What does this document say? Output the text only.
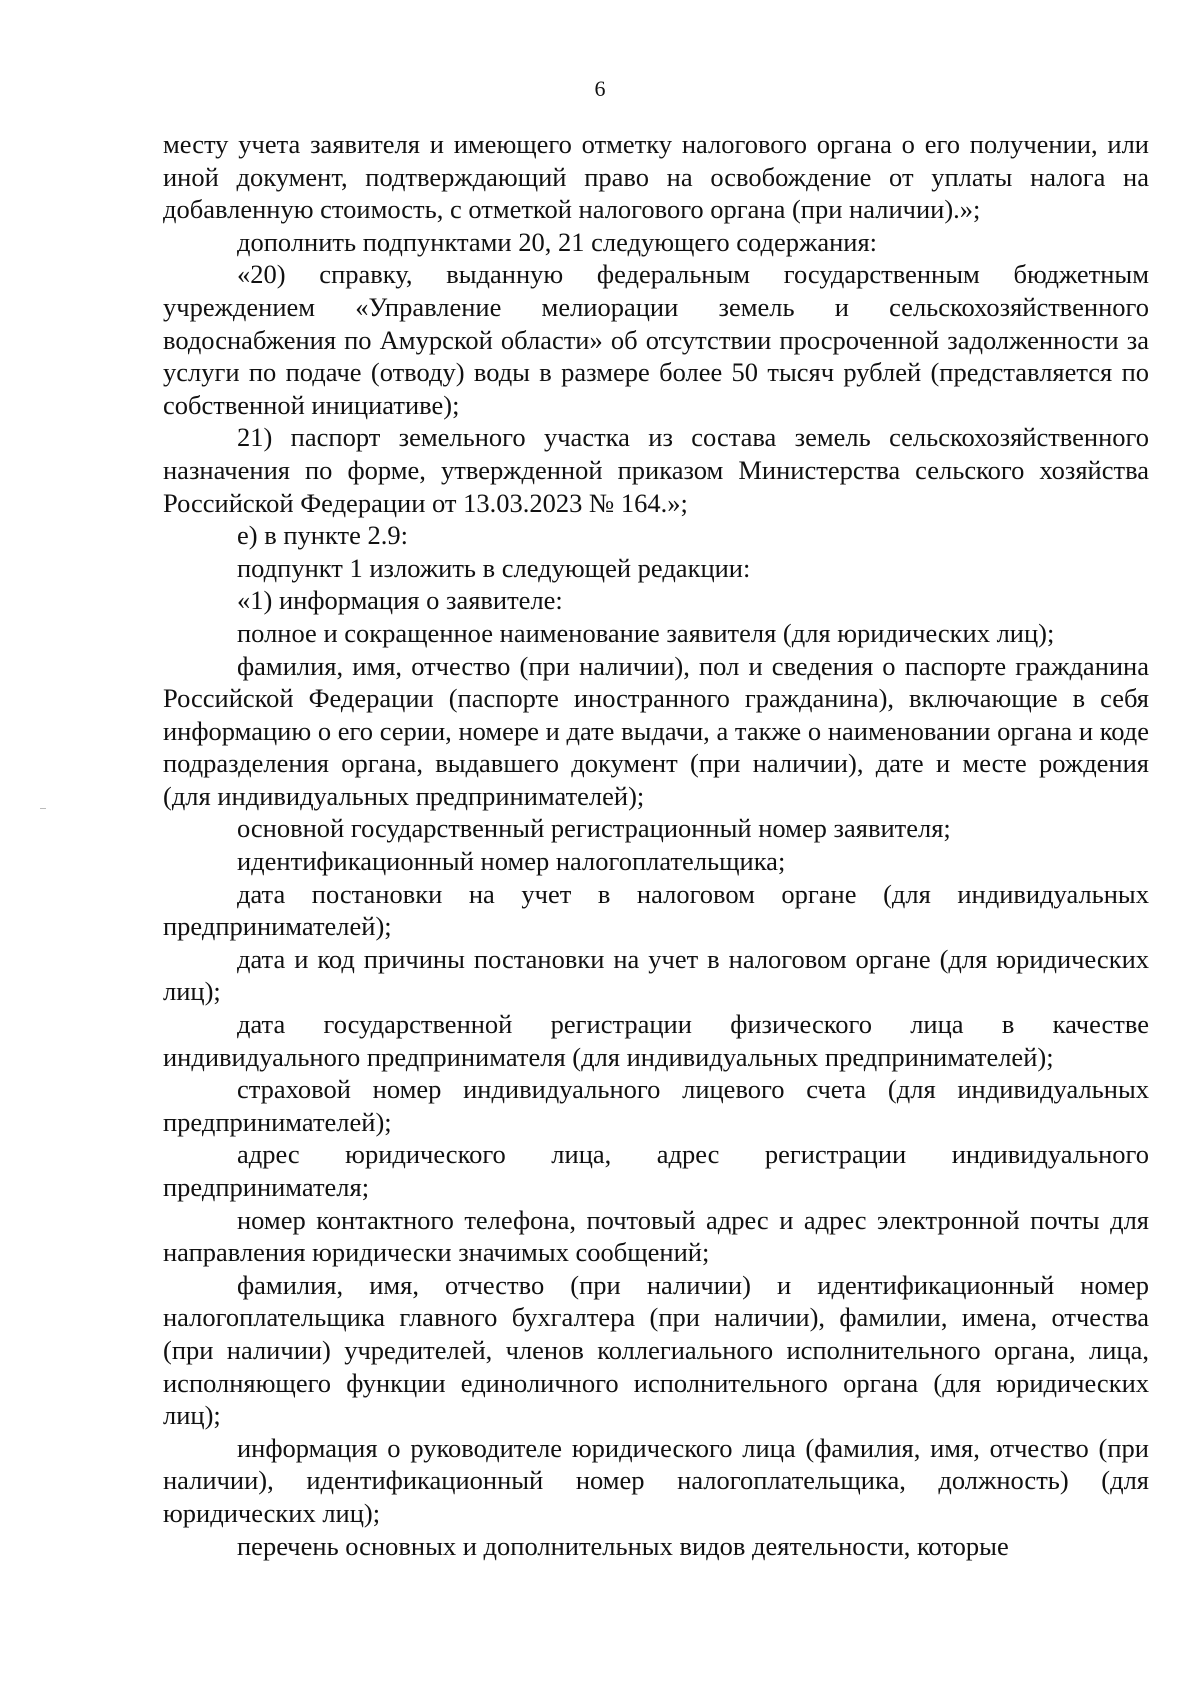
6

месту учета заявителя и имеющего отметку налогового органа о его получении, или иной документ, подтверждающий право на освобождение от уплаты налога на добавленную стоимость, с отметкой налогового органа (при наличии).»;

дополнить подпунктами 20, 21 следующего содержания:

«20) справку, выданную федеральным государственным бюджетным учреждением «Управление мелиорации земель и сельскохозяйственного водоснабжения по Амурской области» об отсутствии просроченной задолженности за услуги по подаче (отводу) воды в размере более 50 тысяч рублей (представляется по собственной инициативе);

21) паспорт земельного участка из состава земель сельскохозяйственного назначения по форме, утвержденной приказом Министерства сельского хозяйства Российской Федерации от 13.03.2023 № 164.»;

е) в пункте 2.9:

подпункт 1 изложить в следующей редакции:

«1) информация о заявителе:

полное и сокращенное наименование заявителя (для юридических лиц);

фамилия, имя, отчество (при наличии), пол и сведения о паспорте гражданина Российской Федерации (паспорте иностранного гражданина), включающие в себя информацию о его серии, номере и дате выдачи, а также о наименовании органа и коде подразделения органа, выдавшего документ (при наличии), дате и месте рождения (для индивидуальных предпринимателей);

основной государственный регистрационный номер заявителя;

идентификационный номер налогоплательщика;

дата постановки на учет в налоговом органе (для индивидуальных предпринимателей);

дата и код причины постановки на учет в налоговом органе (для юридических лиц);

дата государственной регистрации физического лица в качестве индивидуального предпринимателя (для индивидуальных предпринимателей);

страховой номер индивидуального лицевого счета (для индивидуальных предпринимателей);

адрес юридического лица, адрес регистрации индивидуального предпринимателя;

номер контактного телефона, почтовый адрес и адрес электронной почты для направления юридически значимых сообщений;

фамилия, имя, отчество (при наличии) и идентификационный номер налогоплательщика главного бухгалтера (при наличии), фамилии, имена, отчества (при наличии) учредителей, членов коллегиального исполнительного органа, лица, исполняющего функции единоличного исполнительного органа (для юридических лиц);

информация о руководителе юридического лица (фамилия, имя, отчество (при наличии), идентификационный номер налогоплательщика, должность) (для юридических лиц);

перечень основных и дополнительных видов деятельности, которые
